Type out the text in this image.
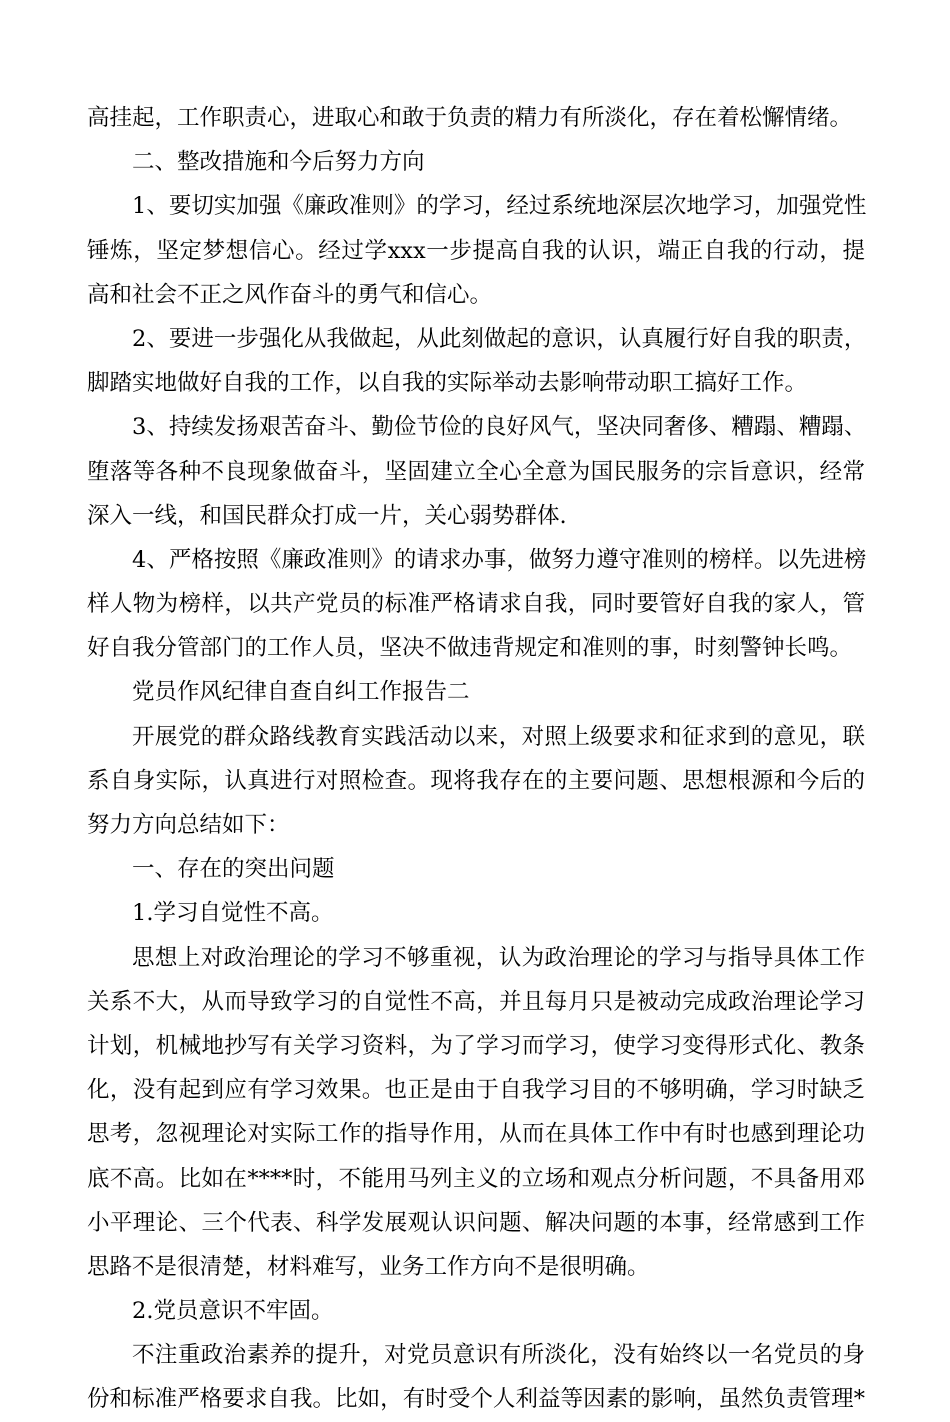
高挂起，工作职责心，进取心和敢于负责的精力有所淡化，存在着松懈情绪。
二、整改措施和今后努力方向
1、要切实加强《廉政准则》的学习，经过系统地深层次地学习，加强党性
锤炼，坚定梦想信心。经过学xxx一步提高自我的认识，端正自我的行动，提
高和社会不正之风作奋斗的勇气和信心。
2、要进一步强化从我做起，从此刻做起的意识，认真履行好自我的职责，
脚踏实地做好自我的工作，以自我的实际举动去影响带动职工搞好工作。
3、持续发扬艰苦奋斗、勤俭节俭的良好风气，坚决同奢侈、糟蹋、糟蹋、
堕落等各种不良现象做奋斗，坚固建立全心全意为国民服务的宗旨意识，经常
深入一线，和国民群众打成一片，关心弱势群体.
4、严格按照《廉政准则》的请求办事，做努力遵守准则的榜样。以先进榜
样人物为榜样，以共产党员的标准严格请求自我，同时要管好自我的家人，管
好自我分管部门的工作人员，坚决不做违背规定和准则的事，时刻警钟长鸣。
党员作风纪律自查自纠工作报告二
开展党的群众路线教育实践活动以来，对照上级要求和征求到的意见，联
系自身实际，认真进行对照检查。现将我存在的主要问题、思想根源和今后的
努力方向总结如下：
一、存在的突出问题
1.学习自觉性不高。
思想上对政治理论的学习不够重视，认为政治理论的学习与指导具体工作
关系不大，从而导致学习的自觉性不高，并且每月只是被动完成政治理论学习
计划，机械地抄写有关学习资料，为了学习而学习，使学习变得形式化、教条
化，没有起到应有学习效果。也正是由于自我学习目的不够明确，学习时缺乏
思考，忽视理论对实际工作的指导作用，从而在具体工作中有时也感到理论功
底不高。比如在****时，不能用马列主义的立场和观点分析问题，不具备用邓
小平理论、三个代表、科学发展观认识问题、解决问题的本事，经常感到工作
思路不是很清楚，材料难写，业务工作方向不是很明确。
2.党员意识不牢固。
不注重政治素养的提升，对党员意识有所淡化，没有始终以一名党员的身
份和标准严格要求自我。比如，有时受个人利益等因素的影响，虽然负责管理*
